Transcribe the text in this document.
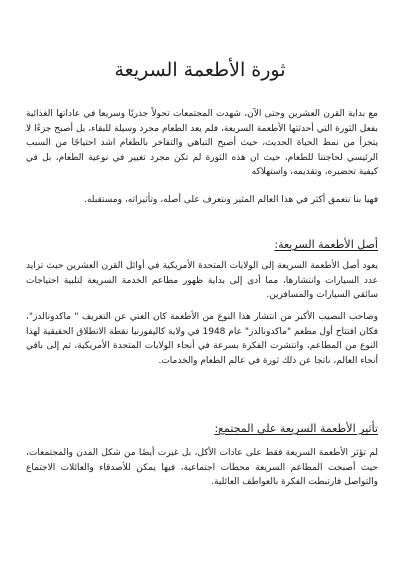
ثورة الأطعمة السريعة

مع بداية القرن العشرين وحتى الآن، شهدت المجتمعات تحولاً جذريًا وسريعا في عاداتها الغذائية بفعل الثورة التي أحدثتها الأطعمة السريعة، فلم يعد الطعام مجرد وسيلة للبقاء، بل أصبح جزءًا لا يتجزأ من نمط الحياة الحديث، حيث أصبح التباهي والتفاخر بالطعام اشد احتياجًا من السبب الرئيسي لحاجتنا للطعام، حيث ان هذه الثورة لم تكن مجرد تغيير في نوعية الطعام، بل في كيفية تحضيره، وتقديمه، واستهلاكه

فهيا بنا نتعمق أكثر في هذا العالم المثير ونتعرف على أصله، وتأثيراته، ومستقبله.

أصل الأطعمة السريعة:

يعود أصل الأطعمة السريعة إلى الولايات المتحدة الأمريكية في أوائل القرن العشرين حيث تزايد عدد السيارات وانتشارها، مما أدى إلى بداية ظهور مطاعم الخدمة السريعة لتلبية احتياجات سائقي السيارات والمسافرين.

وصاحب النصيب الأكبر من انتشار هذا النوع من الأطعمة كان الغني عن التعريف " ماكدونالدز"، فكان افتتاح أول مطعم "ماكدونالدز" عام 1948 في ولاية كاليفورنيا نقطة الانطلاق الحقيقية لهذا النوع من المطاعم، وانتشرت الفكرة بسرعة في أنحاء الولايات المتحدة الأمريكية، ثم إلى باقي أنحاء العالم، ناتجا عن ذلك ثورة في عالم الطعام والخدمات.

تأثير الأطعمة السريعة على المجتمع:

لم تؤثر الأطعمة السريعة فقط على عادات الأكل، بل غيرت أيضًا من شكل المدن والمجتمعات، حيث أصبحت المطاعم السريعة محطات اجتماعية، فيها يمكن للأصدقاء والعائلات الاجتماع والتواصل فارتبطت الفكرة بالعواطف العائلية.
